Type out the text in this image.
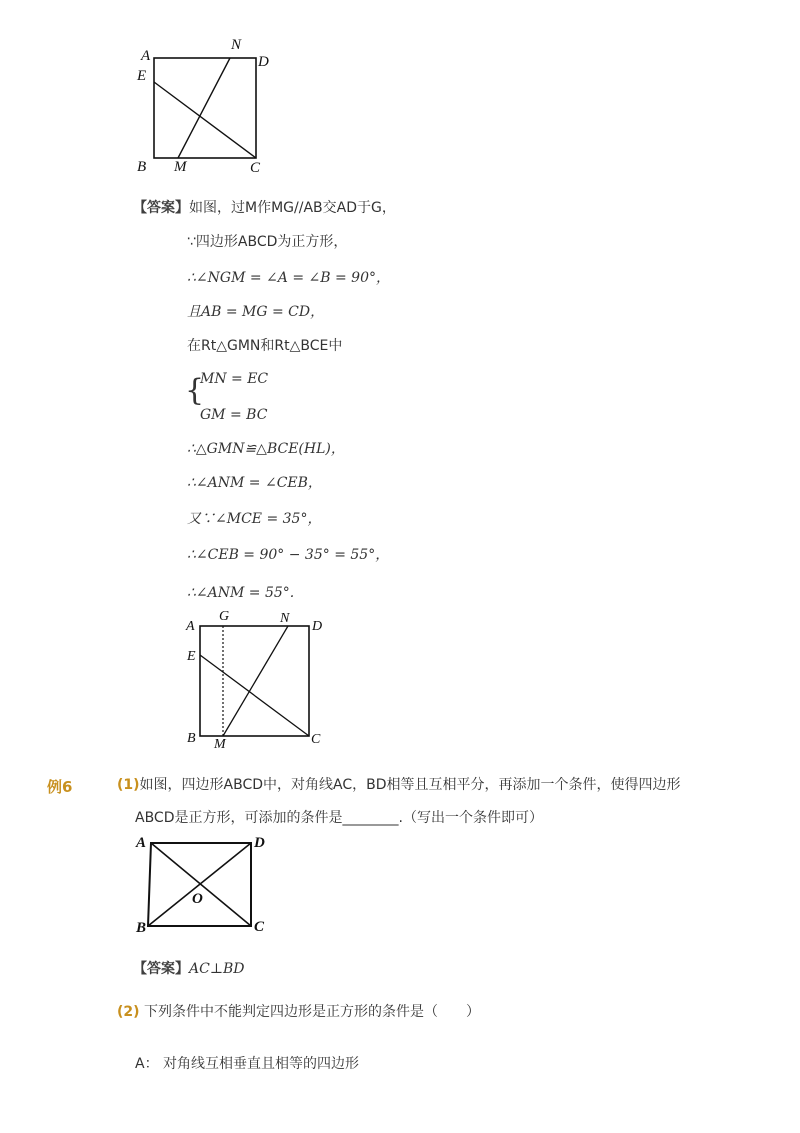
A
E
N
D
B M	C
【答案】如图，过M作MG//AB交AD于G，
∵四边形ABCD为正方形，
∴∠NGM = ∠A = ∠B = 90°，
且AB = MG = CD，
在Rt△GMN和Rt△BCE中
{
MN = EC
GM = BC
∴△GMN≌△BCE(HL)，
∴∠ANM = ∠CEB，
又∵∠MCE = 35°，
∴∠CEB = 90° − 35° = 55°，
∴∠ANM = 55°.
A
G	N
D
E
B M	C
例6	(1)如图，四边形ABCD中，对角线AC，BD相等且互相平分，再添加一个条件，使得四边形
ABCD是正方形，可添加的条件是________.（写出一个条件即可）
A	D
O
B	C
【答案】AC⊥BD
(2) 下列条件中不能判定四边形是正方形的条件是（　　）
A： 对角线互相垂直且相等的四边形
